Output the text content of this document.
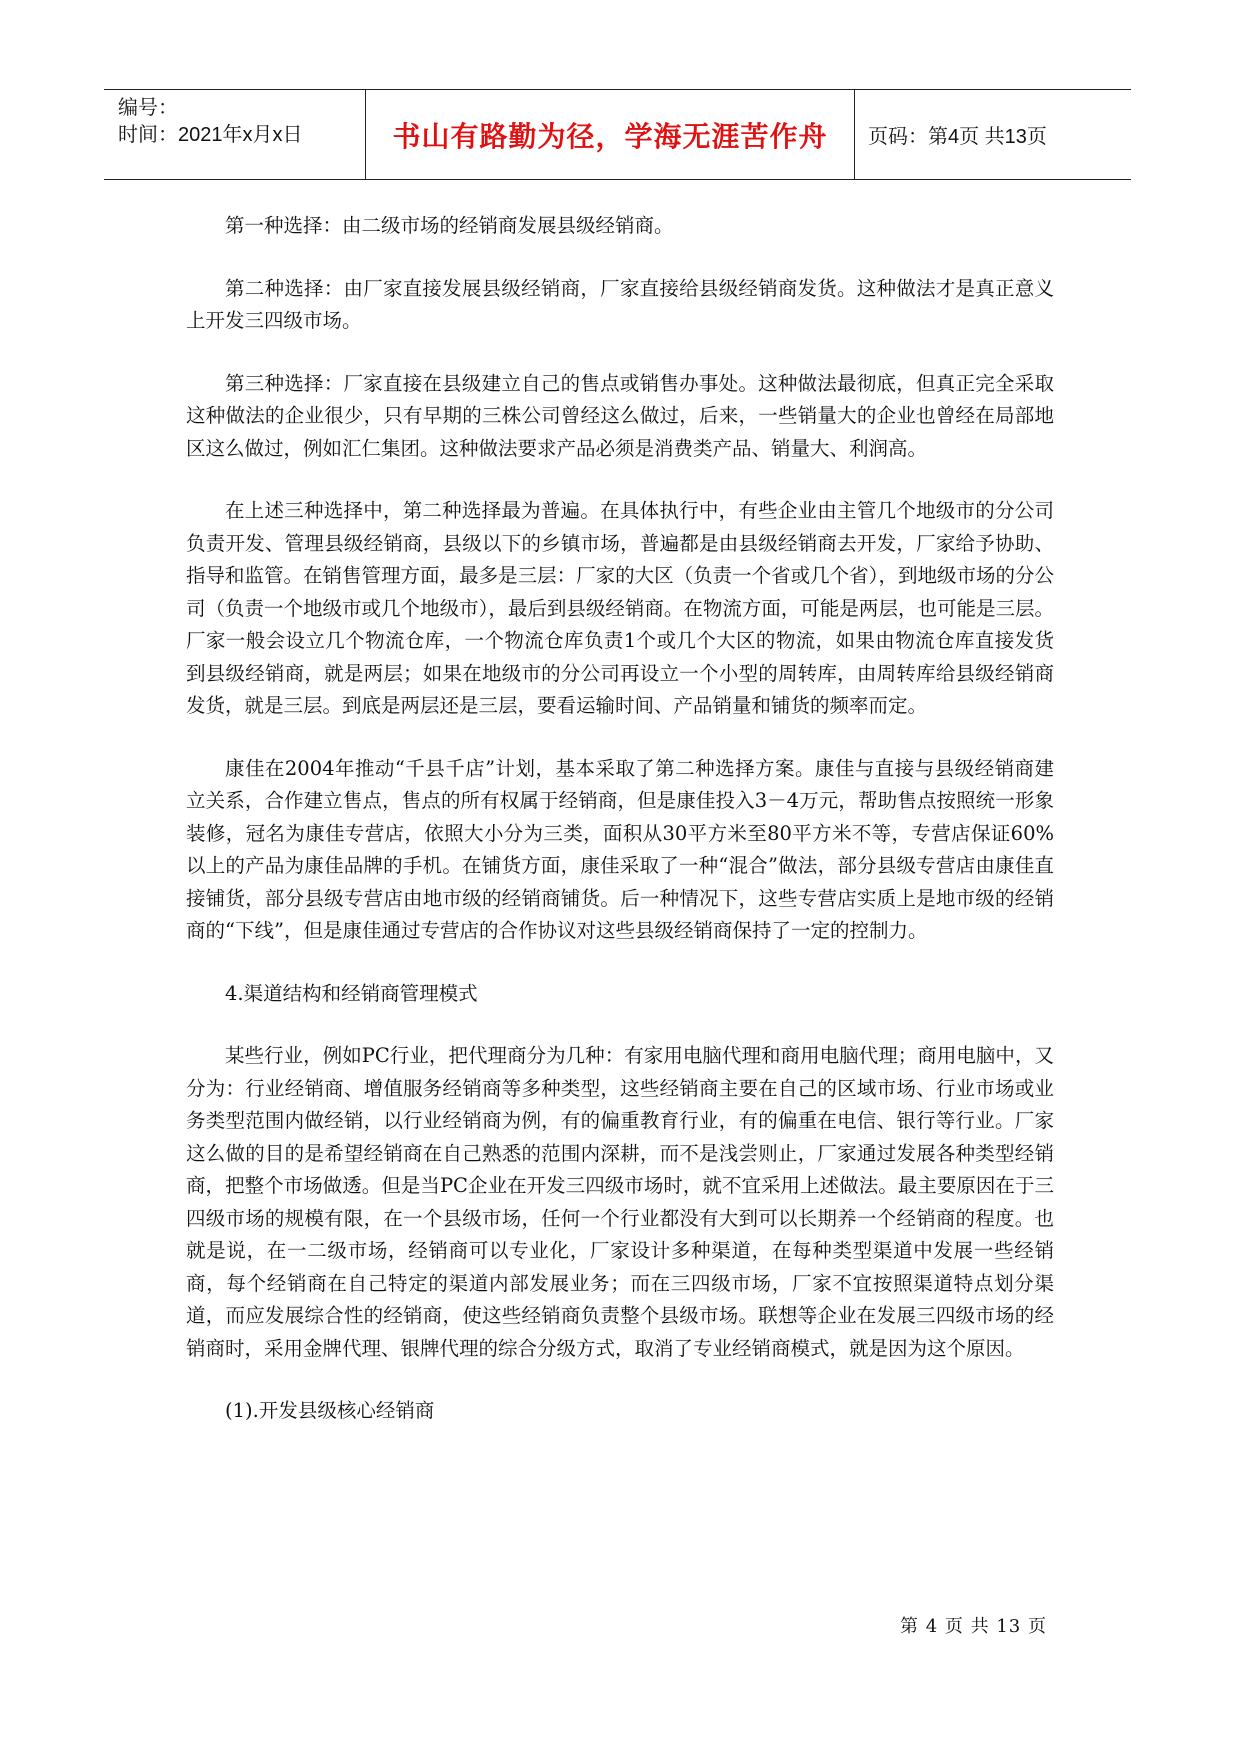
编号：
时间：2021年x月x日	书山有路勤为径，学海无涯苦作舟 页码：第4页 共13页

第一种选择：由二级市场的经销商发展县级经销商。

第二种选择：由厂家直接发展县级经销商，厂家直接给县级经销商发货。这种做法才是真正意义上开发三四级市场。

第三种选择：厂家直接在县级建立自己的售点或销售办事处。这种做法最彻底，但真正完全采取这种做法的企业很少，只有早期的三株公司曾经这么做过，后来，一些销量大的企业也曾经在局部地区这么做过，例如汇仁集团。这种做法要求产品必须是消费类产品、销量大、利润高。

在上述三种选择中，第二种选择最为普遍。在具体执行中，有些企业由主管几个地级市的分公司负责开发、管理县级经销商，县级以下的乡镇市场，普遍都是由县级经销商去开发，厂家给予协助、指导和监管。在销售管理方面，最多是三层：厂家的大区（负责一个省或几个省），到地级市场的分公司（负责一个地级市或几个地级市），最后到县级经销商。在物流方面，可能是两层，也可能是三层。厂家一般会设立几个物流仓库，一个物流仓库负责1个或几个大区的物流，如果由物流仓库直接发货到县级经销商，就是两层；如果在地级市的分公司再设立一个小型的周转库，由周转库给县级经销商发货，就是三层。到底是两层还是三层，要看运输时间、产品销量和铺货的频率而定。

康佳在2004年推动“千县千店”计划，基本采取了第二种选择方案。康佳与直接与县级经销商建立关系，合作建立售点，售点的所有权属于经销商，但是康佳投入3－4万元，帮助售点按照统一形象装修，冠名为康佳专营店，依照大小分为三类，面积从30平方米至80平方米不等，专营店保证60%以上的产品为康佳品牌的手机。在铺货方面，康佳采取了一种“混合”做法，部分县级专营店由康佳直接铺货，部分县级专营店由地市级的经销商铺货。后一种情况下，这些专营店实质上是地市级的经销商的“下线”，但是康佳通过专营店的合作协议对这些县级经销商保持了一定的控制力。

4.渠道结构和经销商管理模式

某些行业，例如PC行业，把代理商分为几种：有家用电脑代理和商用电脑代理；商用电脑中，又分为：行业经销商、增值服务经销商等多种类型，这些经销商主要在自己的区域市场、行业市场或业务类型范围内做经销，以行业经销商为例，有的偏重教育行业，有的偏重在电信、银行等行业。厂家这么做的目的是希望经销商在自己熟悉的范围内深耕，而不是浅尝则止，厂家通过发展各种类型经销商，把整个市场做透。但是当PC企业在开发三四级市场时，就不宜采用上述做法。最主要原因在于三四级市场的规模有限，在一个县级市场，任何一个行业都没有大到可以长期养一个经销商的程度。也就是说，在一二级市场，经销商可以专业化，厂家设计多种渠道，在每种类型渠道中发展一些经销商，每个经销商在自己特定的渠道内部发展业务；而在三四级市场，厂家不宜按照渠道特点划分渠道，而应发展综合性的经销商，使这些经销商负责整个县级市场。联想等企业在发展三四级市场的经销商时，采用金牌代理、银牌代理的综合分级方式，取消了专业经销商模式，就是因为这个原因。

(1).开发县级核心经销商

第 4 页 共 13 页
